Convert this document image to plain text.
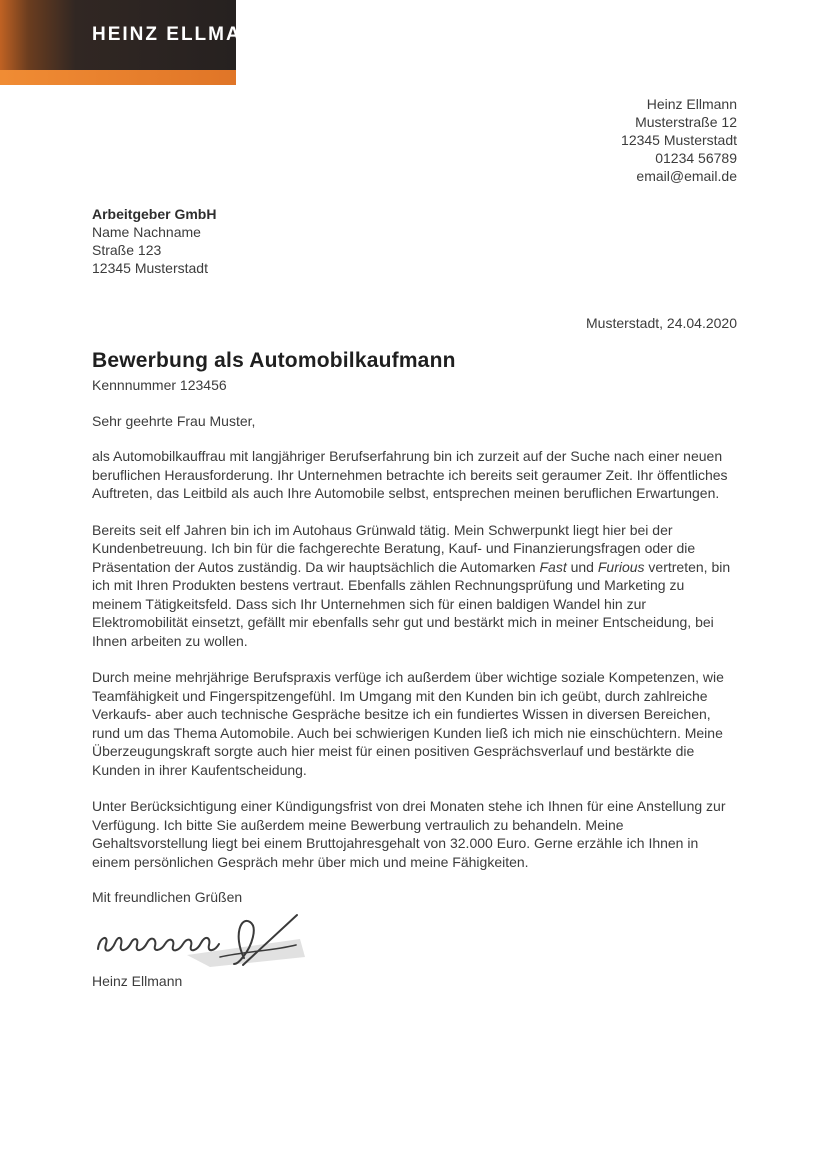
HEINZ ELLMANN
Heinz Ellmann
Musterstraße 12
12345 Musterstadt
01234 56789
email@email.de
Arbeitgeber GmbH
Name Nachname
Straße 123
12345 Musterstadt
Musterstadt, 24.04.2020
Bewerbung als Automobilkaufmann
Kennnummer 123456
Sehr geehrte Frau Muster,

als Automobilkauffrau mit langjähriger Berufserfahrung bin ich zurzeit auf der Suche nach einer neuen beruflichen Herausforderung. Ihr Unternehmen betrachte ich bereits seit geraumer Zeit. Ihr öffentliches Auftreten, das Leitbild als auch Ihre Automobile selbst, entsprechen meinen beruflichen Erwartungen.

Bereits seit elf Jahren bin ich im Autohaus Grünwald tätig. Mein Schwerpunkt liegt hier bei der Kundenbetreuung. Ich bin für die fachgerechte Beratung, Kauf- und Finanzierungsfragen oder die Präsentation der Autos zuständig. Da wir hauptsächlich die Automarken Fast und Furious vertreten, bin ich mit Ihren Produkten bestens vertraut. Ebenfalls zählen Rechnungsprüfung und Marketing zu meinem Tätigkeitsfeld. Dass sich Ihr Unternehmen sich für einen baldigen Wandel hin zur Elektromobilität einsetzt, gefällt mir ebenfalls sehr gut und bestärkt mich in meiner Entscheidung, bei Ihnen arbeiten zu wollen.

Durch meine mehrjährige Berufspraxis verfüge ich außerdem über wichtige soziale Kompetenzen, wie Teamfähigkeit und Fingerspitzengefühl. Im Umgang mit den Kunden bin ich geübt, durch zahlreiche Verkaufs- aber auch technische Gespräche besitze ich ein fundiertes Wissen in diversen Bereichen, rund um das Thema Automobile. Auch bei schwierigen Kunden ließ ich mich nie einschüchtern. Meine Überzeugungskraft sorgte auch hier meist für einen positiven Gesprächsverlauf und bestärkte die Kunden in ihrer Kaufentscheidung.

Unter Berücksichtigung einer Kündigungsfrist von drei Monaten stehe ich Ihnen für eine Anstellung zur Verfügung. Ich bitte Sie außerdem meine Bewerbung vertraulich zu behandeln. Meine Gehaltsvorstellung liegt bei einem Bruttojahresgehalt von 32.000 Euro. Gerne erzähle ich Ihnen in einem persönlichen Gespräch mehr über mich und meine Fähigkeiten.

Mit freundlichen Grüßen
Heinz Ellmann
